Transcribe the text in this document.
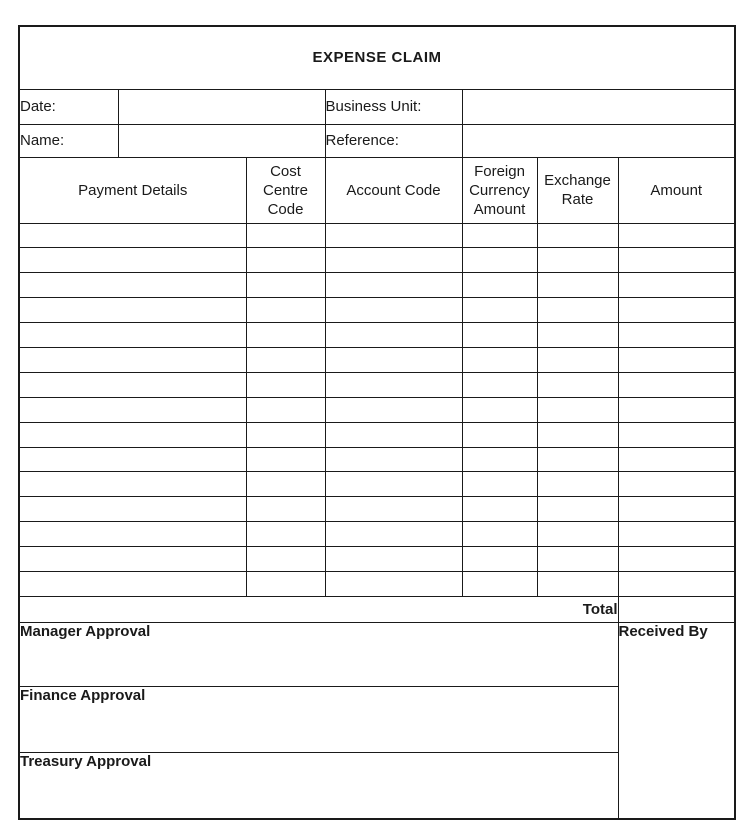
EXPENSE CLAIM						
Date:			Business Unit:			
Name:			Reference:			
Payment Details		Cost Centre Code	Account Code	Foreign Currency Amount	Exchange Rate	Amount

Total						
Manager Approval						Received By
Finance Approval						
Treasury Approval						
